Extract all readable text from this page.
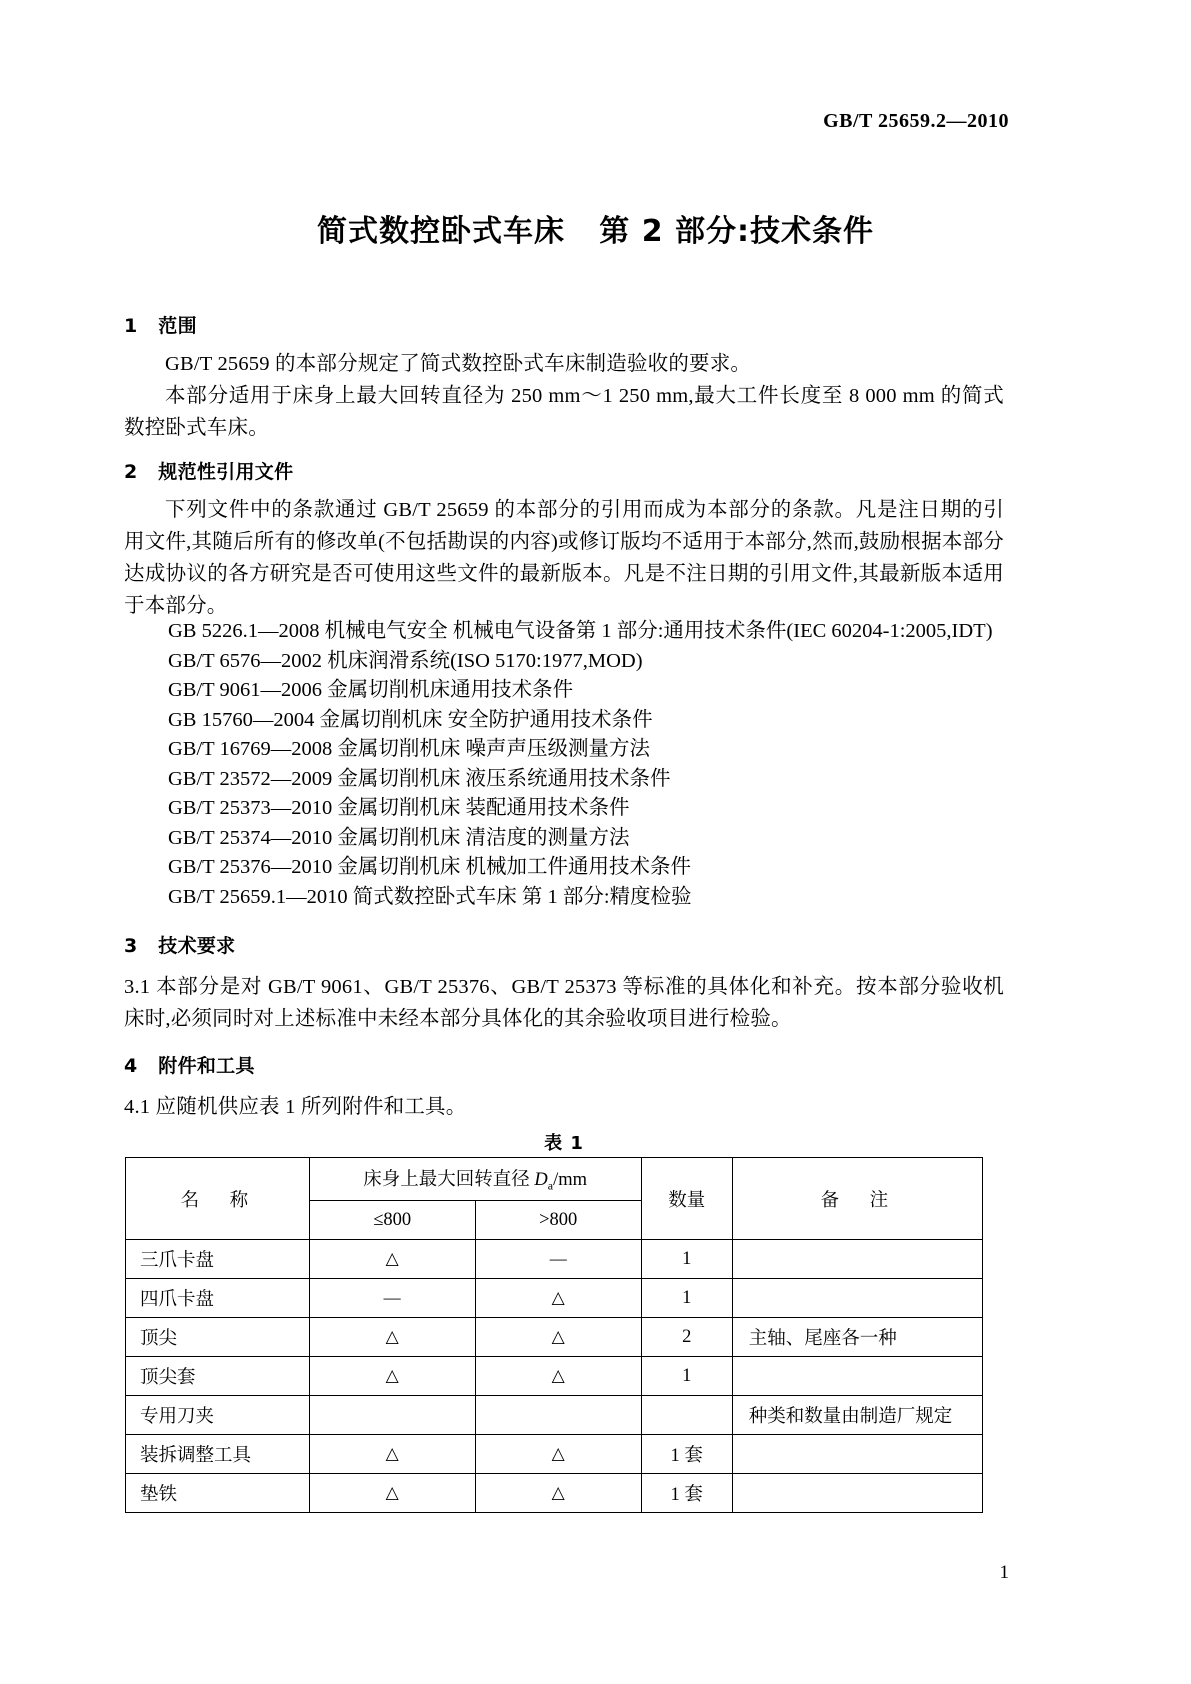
GB/T 25659.2—2010
简式数控卧式车床   第 2 部分:技术条件
1   范围

GB/T 25659 的本部分规定了简式数控卧式车床制造验收的要求。

本部分适用于床身上最大回转直径为 250 mm～1 250 mm,最大工件长度至 8 000 mm 的简式数控卧式车床。

2   规范性引用文件

下列文件中的条款通过 GB/T 25659 的本部分的引用而成为本部分的条款。凡是注日期的引用文件,其随后所有的修改单(不包括勘误的内容)或修订版均不适用于本部分,然而,鼓励根据本部分达成协议的各方研究是否可使用这些文件的最新版本。凡是不注日期的引用文件,其最新版本适用于本部分。

GB 5226.1—2008 机械电气安全 机械电气设备第 1 部分:通用技术条件(IEC 60204-1:2005,IDT)

GB/T 6576—2002 机床润滑系统(ISO 5170:1977,MOD)

GB/T 9061—2006 金属切削机床通用技术条件

GB 15760—2004 金属切削机床 安全防护通用技术条件

GB/T 16769—2008 金属切削机床 噪声声压级测量方法

GB/T 23572—2009 金属切削机床 液压系统通用技术条件

GB/T 25373—2010 金属切削机床 装配通用技术条件

GB/T 25374—2010 金属切削机床 清洁度的测量方法

GB/T 25376—2010 金属切削机床 机械加工件通用技术条件

GB/T 25659.1—2010 简式数控卧式车床 第 1 部分:精度检验

3   技术要求

3.1 本部分是对 GB/T 9061、GB/T 25376、GB/T 25373 等标准的具体化和补充。按本部分验收机床时,必须同时对上述标准中未经本部分具体化的其余验收项目进行检验。

4   附件和工具

4.1 应随机供应表 1 所列附件和工具。

表 1
名　称	床身上最大回转直径 $D_a/mm$		数量	备　注
	≤800	>800		
三爪卡盘	△	—	1	
四爪卡盘	—	△	1	
顶尖	△	△	2	主轴、尾座各一种
顶尖套	△	△	1	
专用刀夹				种类和数量由制造厂规定
装拆调整工具	△	△	1 套	
垫铁	△	△	1 套	
1
